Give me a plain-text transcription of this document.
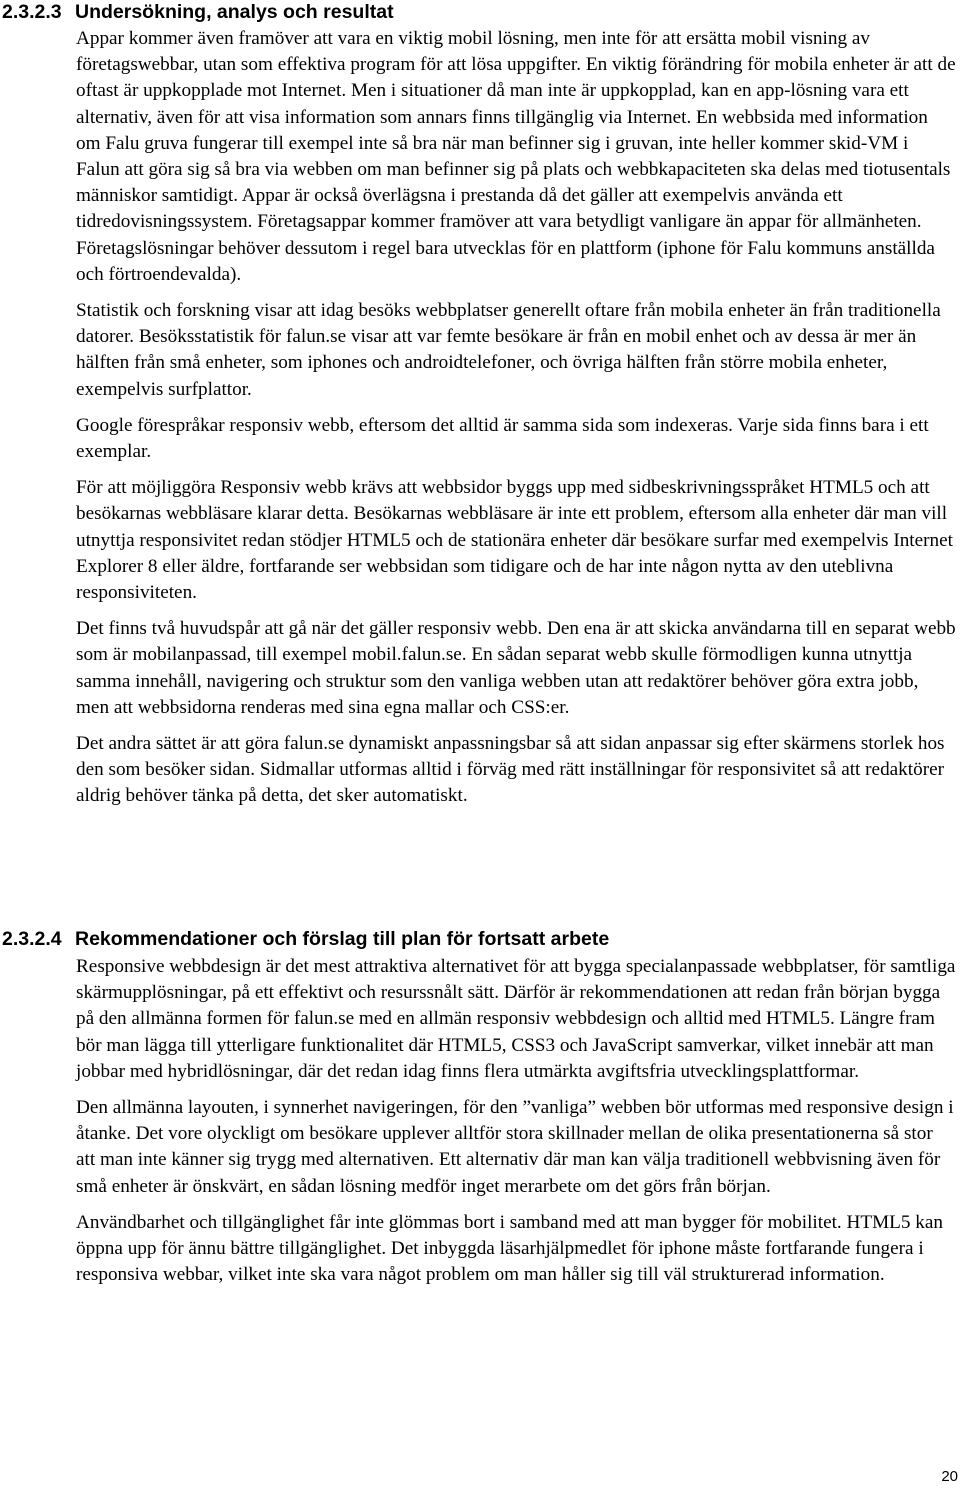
2.3.2.3 Undersökning, analys och resultat

Appar kommer även framöver att vara en viktig mobil lösning, men inte för att ersätta mobil visning av företagswebbar, utan som effektiva program för att lösa uppgifter. En viktig förändring för mobila enheter är att de oftast är uppkopplade mot Internet. Men i situationer då man inte är uppkopplad, kan en app-lösning vara ett alternativ, även för att visa information som annars finns tillgänglig via Internet. En webbsida med information om Falu gruva fungerar till exempel inte så bra när man befinner sig i gruvan, inte heller kommer skid-VM i Falun att göra sig så bra via webben om man befinner sig på plats och webbkapaciteten ska delas med tiotusentals människor samtidigt. Appar är också överlägsna i prestanda då det gäller att exempelvis använda ett tidredovisningssystem. Företagsappar kommer framöver att vara betydligt vanligare än appar för allmänheten. Företagslösningar behöver dessutom i regel bara utvecklas för en plattform (iphone för Falu kommuns anställda och förtroendevalda).

Statistik och forskning visar att idag besöks webbplatser generellt oftare från mobila enheter än från traditionella datorer. Besöksstatistik för falun.se visar att var femte besökare är från en mobil enhet och av dessa är mer än hälften från små enheter, som iphones och androidtelefoner, och övriga hälften från större mobila enheter, exempelvis surfplattor.

Google förespråkar responsiv webb, eftersom det alltid är samma sida som indexeras. Varje sida finns bara i ett exemplar.

För att möjliggöra Responsiv webb krävs att webbsidor byggs upp med sidbeskrivningsspråket HTML5 och att besökarnas webbläsare klarar detta. Besökarnas webbläsare är inte ett problem, eftersom alla enheter där man vill utnyttja responsivitet redan stödjer HTML5 och de stationära enheter där besökare surfar med exempelvis Internet Explorer 8 eller äldre, fortfarande ser webbsidan som tidigare och de har inte någon nytta av den uteblivna responsiviteten.

Det finns två huvudspår att gå när det gäller responsiv webb. Den ena är att skicka användarna till en separat webb som är mobilanpassad, till exempel mobil.falun.se. En sådan separat webb skulle förmodligen kunna utnyttja samma innehåll, navigering och struktur som den vanliga webben utan att redaktörer behöver göra extra jobb, men att webbsidorna renderas med sina egna mallar och CSS:er.

Det andra sättet är att göra falun.se dynamiskt anpassningsbar så att sidan anpassar sig efter skärmens storlek hos den som besöker sidan. Sidmallar utformas alltid i förväg med rätt inställningar för responsivitet så att redaktörer aldrig behöver tänka på detta, det sker automatiskt.

2.3.2.4 Rekommendationer och förslag till plan för fortsatt arbete

Responsive webbdesign är det mest attraktiva alternativet för att bygga specialanpassade webbplatser, för samtliga skärmupplösningar, på ett effektivt och resurssnålt sätt. Därför är rekommendationen att redan från början bygga på den allmänna formen för falun.se med en allmän responsiv webbdesign och alltid med HTML5. Längre fram bör man lägga till ytterligare funktionalitet där HTML5, CSS3 och JavaScript samverkar, vilket innebär att man jobbar med hybridlösningar, där det redan idag finns flera utmärkta avgiftsfria utvecklingsplattformar.

Den allmänna layouten, i synnerhet navigeringen, för den ”vanliga” webben bör utformas med responsive design i åtanke. Det vore olyckligt om besökare upplever alltför stora skillnader mellan de olika presentationerna så stor att man inte känner sig trygg med alternativen. Ett alternativ där man kan välja traditionell webbvisning även för små enheter är önskvärt, en sådan lösning medför inget merarbete om det görs från början.

Användbarhet och tillgänglighet får inte glömmas bort i samband med att man bygger för mobilitet. HTML5 kan öppna upp för ännu bättre tillgänglighet. Det inbyggda läsarhjälpmedlet för iphone måste fortfarande fungera i responsiva webbar, vilket inte ska vara något problem om man håller sig till väl strukturerad information.

20
